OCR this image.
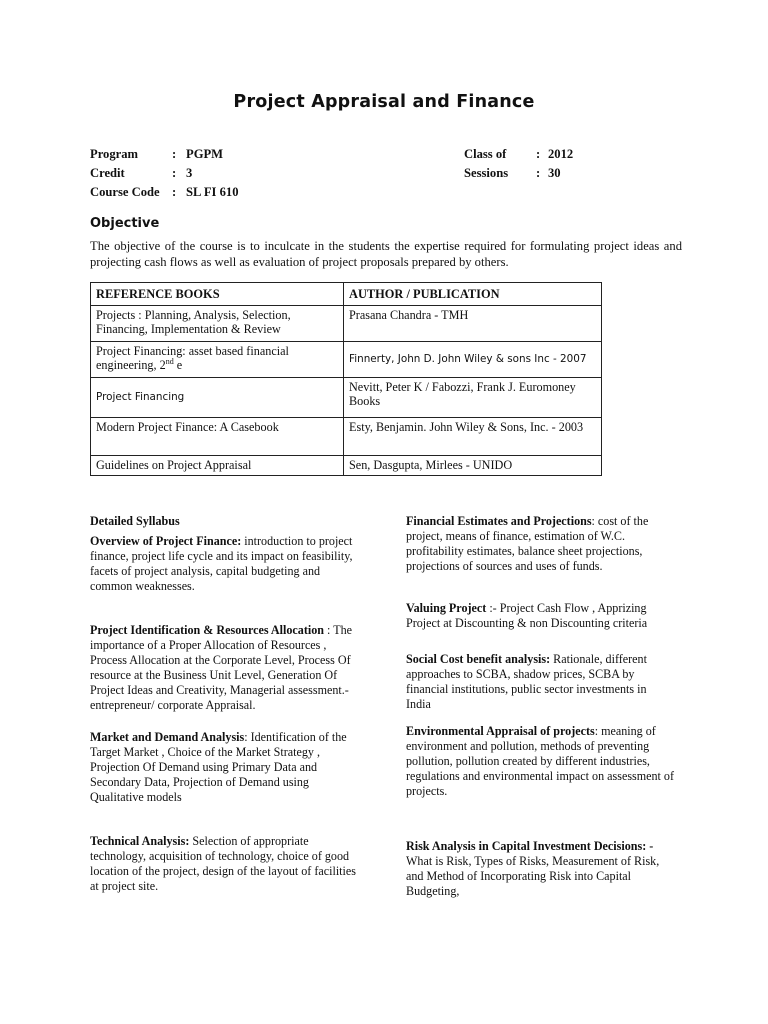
Project Appraisal and Finance
Program	: PGPM
Credit	: 3
Course Code : SL FI 610
Class of	: 2012
Sessions	: 30
Objective
The objective of the course is to inculcate in the students the expertise required for formulating project ideas and projecting cash flows as well as evaluation of project proposals prepared by others.
REFERENCE BOOKS	AUTHOR / PUBLICATION
Projects : Planning, Analysis, Selection, Financing, Implementation & Review	Prasana Chandra - TMH
Project Financing: asset based financial engineering, 2nd e	Finnerty, John D. John Wiley & sons Inc - 2007
Project Financing	Nevitt, Peter K / Fabozzi, Frank J. Euromoney Books
Modern Project Finance: A Casebook	Esty, Benjamin. John Wiley & Sons, Inc. - 2003
Guidelines on Project Appraisal	Sen, Dasgupta, Mirlees - UNIDO
Detailed Syllabus
Overview of Project Finance: introduction to project finance, project life cycle and its impact on feasibility, facets of project analysis, capital budgeting and common weaknesses.
Project Identification & Resources Allocation : The importance of a Proper Allocation of Resources , Process Allocation at the Corporate Level, Process Of resource at the Business Unit Level, Generation Of Project Ideas and Creativity, Managerial assessment.- entrepreneur/ corporate Appraisal.
Market and Demand Analysis: Identification of the Target Market , Choice of the Market Strategy , Projection Of Demand using Primary Data and Secondary Data, Projection of Demand using Qualitative models
Technical Analysis: Selection of appropriate technology, acquisition of technology, choice of good location of the project, design of the layout of facilities at project site.
Financial Estimates and Projections: cost of the project, means of finance, estimation of W.C. profitability estimates, balance sheet projections, projections of sources and uses of funds.
Valuing Project :- Project Cash Flow , Apprizing Project at Discounting & non Discounting criteria
Social Cost benefit analysis: Rationale, different approaches to SCBA, shadow prices, SCBA by financial institutions, public sector investments in India
Environmental Appraisal of projects: meaning of environment and pollution, methods of preventing pollution, pollution created by different industries, regulations and environmental impact on assessment of projects.
Risk Analysis in Capital Investment Decisions: - What is Risk, Types of Risks, Measurement of Risk, and Method of Incorporating Risk into Capital Budgeting,
